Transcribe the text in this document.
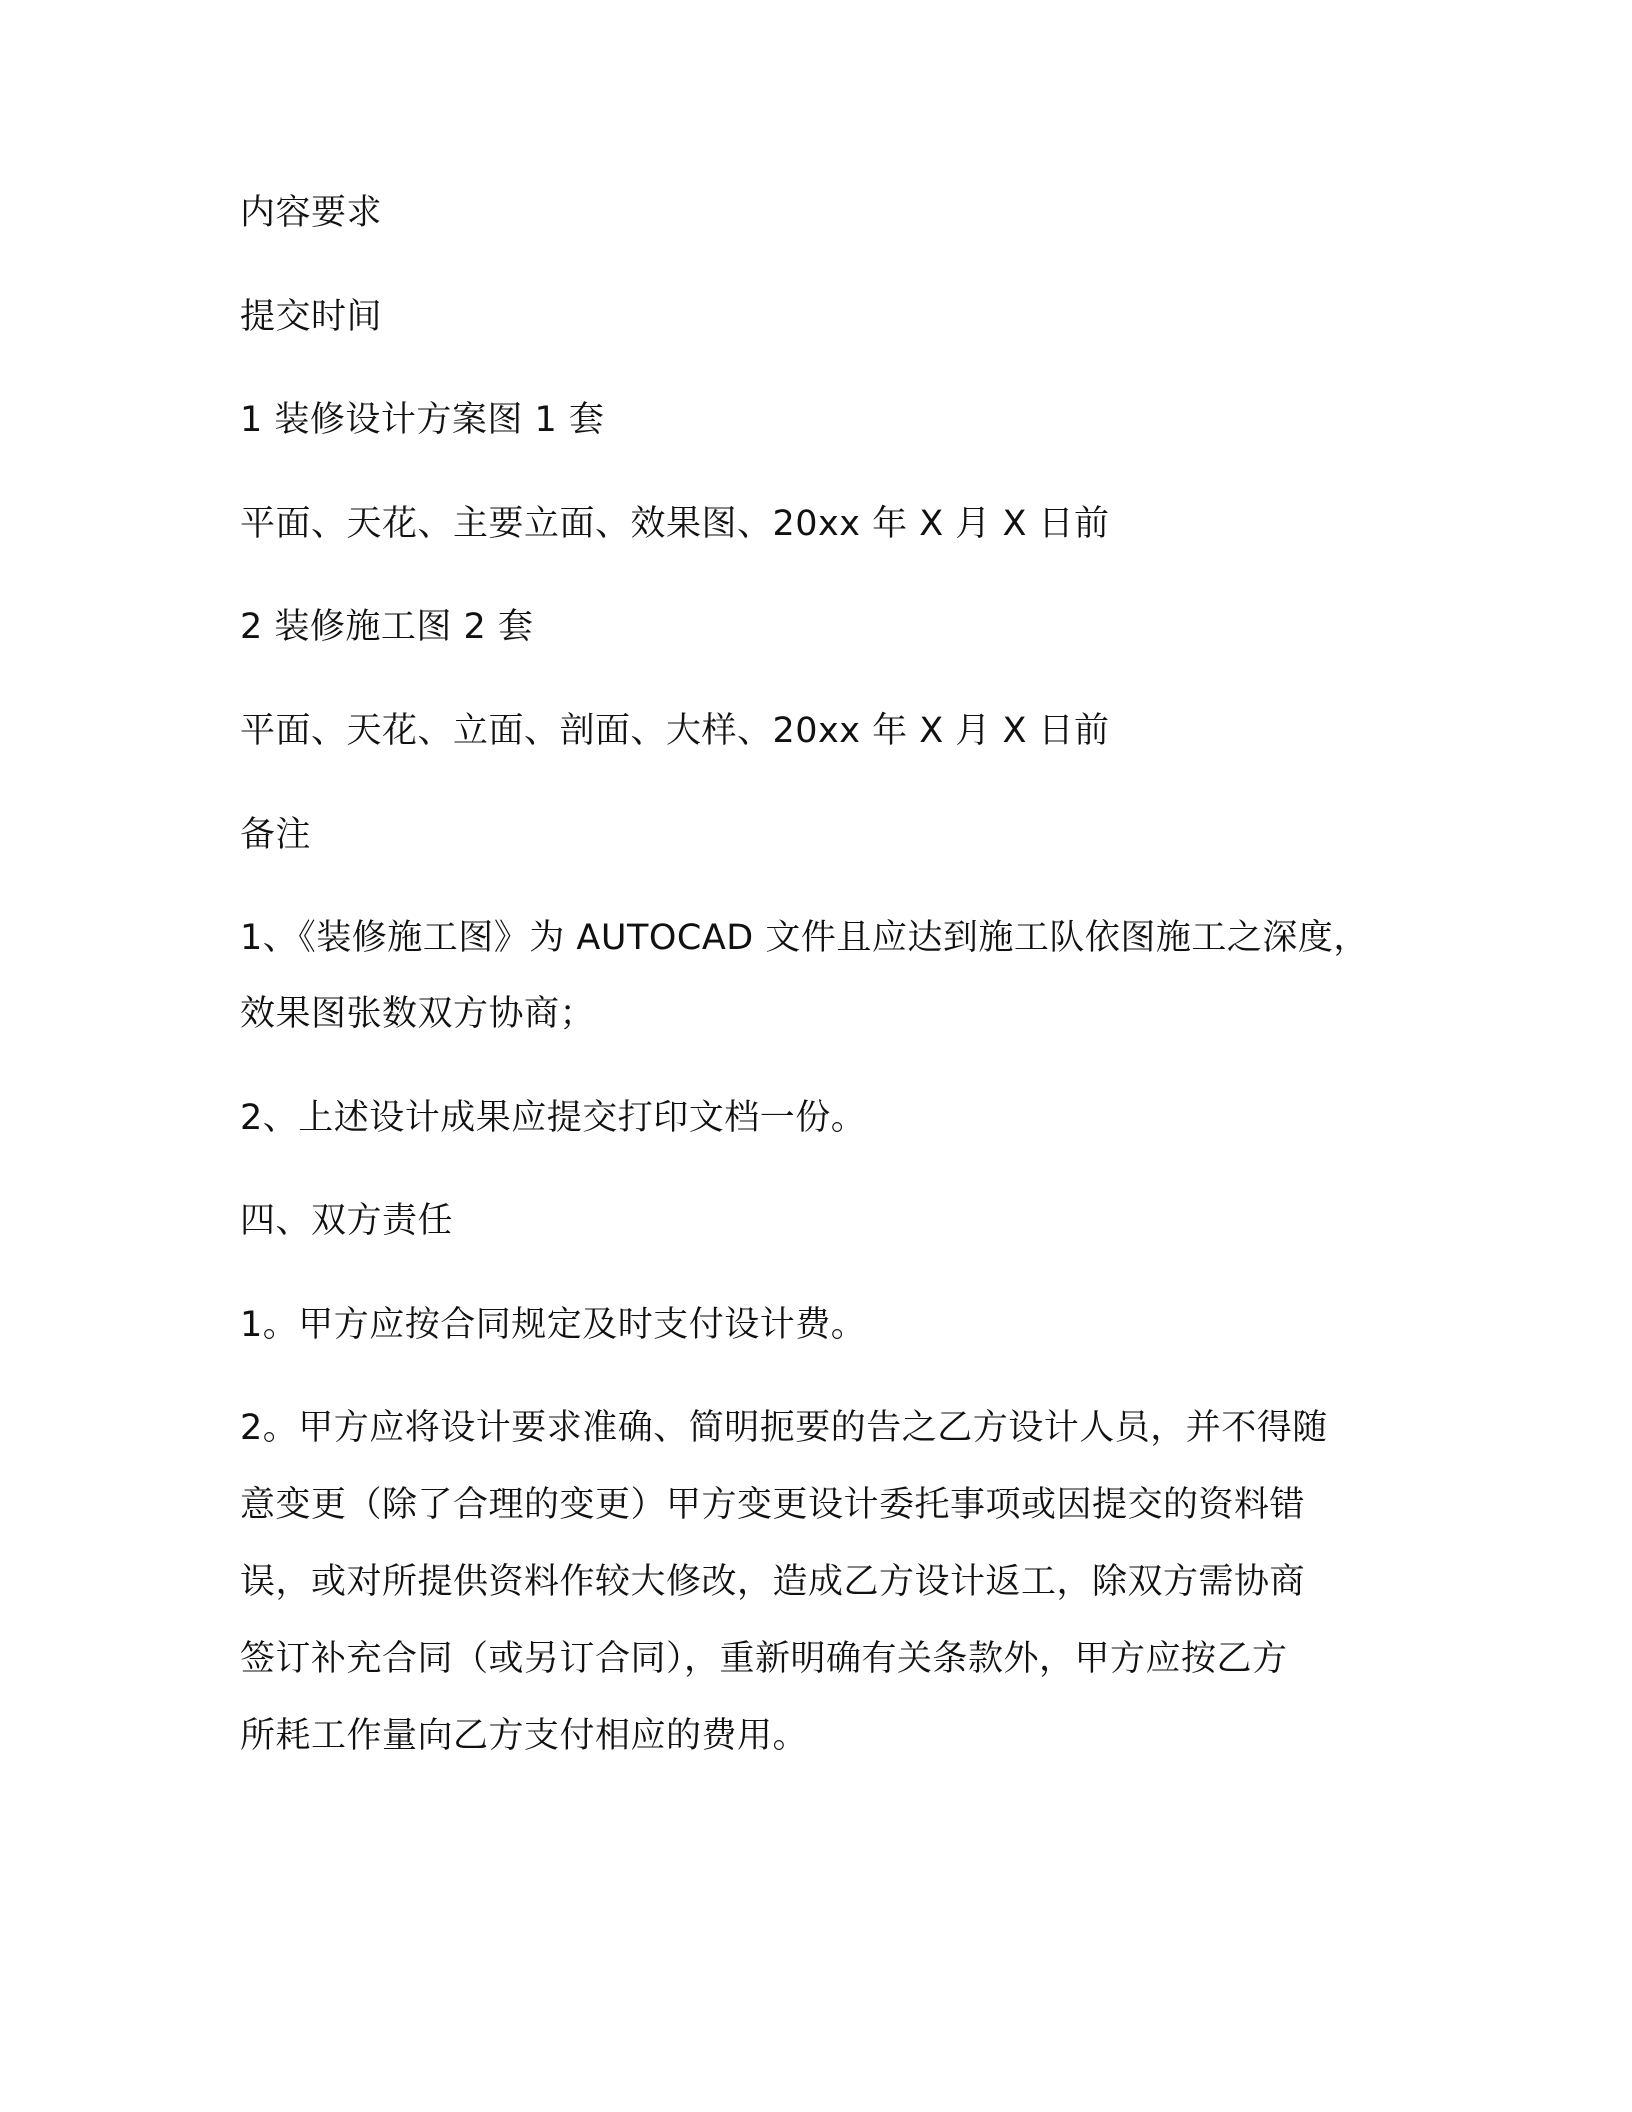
内容要求
提交时间
1 装修设计方案图 1 套
平面、天花、主要立面、效果图、20xx 年 X 月 X 日前
2 装修施工图 2 套
平面、天花、立面、剖面、大样、20xx 年 X 月 X 日前
备注
1、《装修施工图》为 AUTOCAD 文件且应达到施工队依图施工之深度，
效果图张数双方协商；
2、上述设计成果应提交打印文档一份。
四、双方责任
1。甲方应按合同规定及时支付设计费。
2。甲方应将设计要求准确、简明扼要的告之乙方设计人员，并不得随
意变更（除了合理的变更）甲方变更设计委托事项或因提交的资料错
误，或对所提供资料作较大修改，造成乙方设计返工，除双方需协商
签订补充合同（或另订合同），重新明确有关条款外，甲方应按乙方
所耗工作量向乙方支付相应的费用。
